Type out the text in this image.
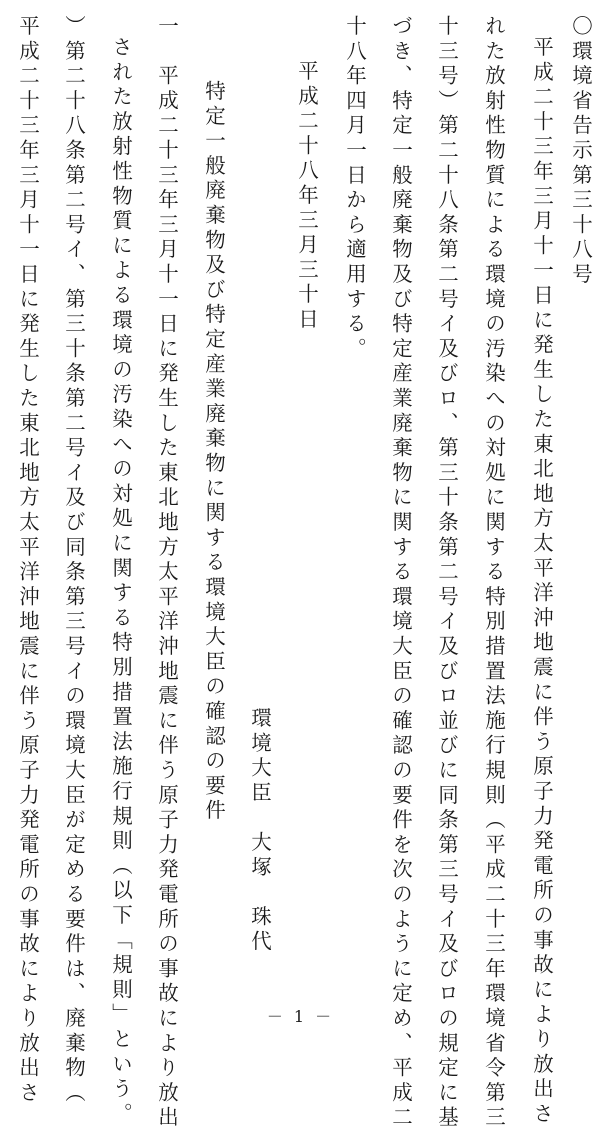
〇環境省告示第三十八号
平成二十三年三月十一日に発生した東北地方太平洋沖地震に伴う原子力発電所の事故により放出さ
れた放射性物質による環境の汚染への対処に関する特別措置法施行規則（平成二十三年環境省令第三
十三号）第二十八条第二号イ及びロ、第三十条第二号イ及びロ並びに同条第三号イ及びロの規定に基
づき、特定一般廃棄物及び特定産業廃棄物に関する環境大臣の確認の要件を次のように定め、平成二
十八年四月一日から適用する。
平成二十八年三月三十日
環境大臣　大塚　珠代
特定一般廃棄物及び特定産業廃棄物に関する環境大臣の確認の要件
一　平成二十三年三月十一日に発生した東北地方太平洋沖地震に伴う原子力発電所の事故により放出
された放射性物質による環境の汚染への対処に関する特別措置法施行規則（以下「規則」という。
）第二十八条第二号イ、第三十条第二号イ及び同条第三号イの環境大臣が定める要件は、廃棄物（
平成二十三年三月十一日に発生した東北地方太平洋沖地震に伴う原子力発電所の事故により放出さ	－ 1 －
